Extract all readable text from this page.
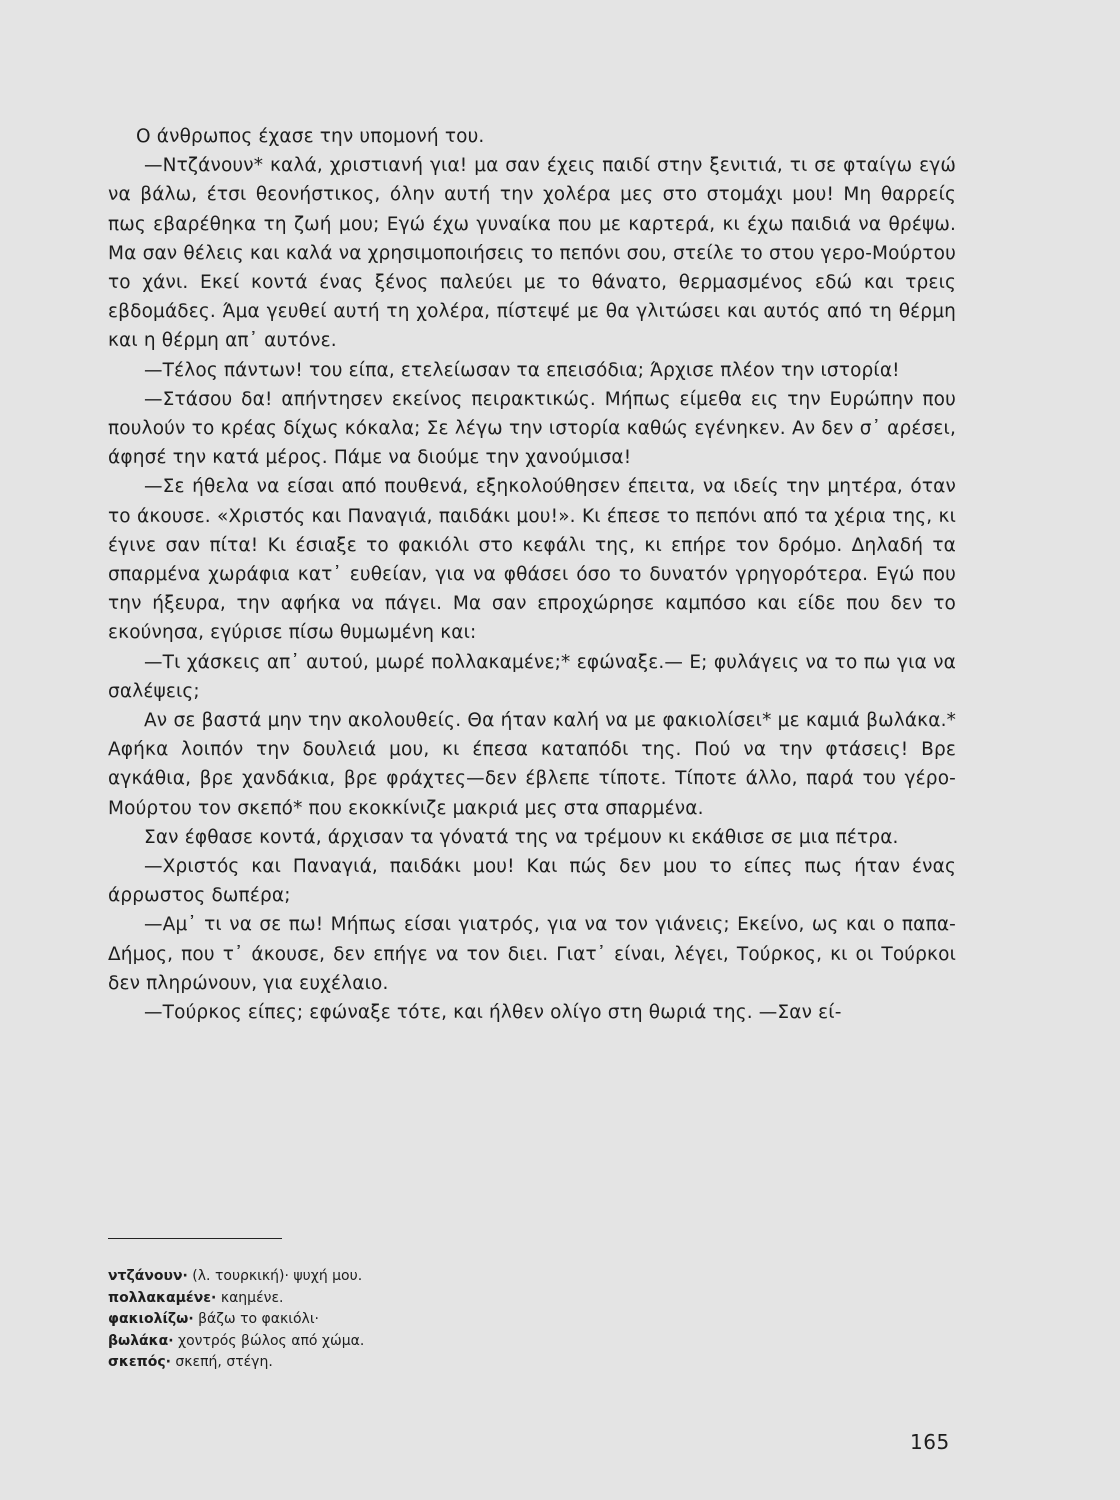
Ο άνθρωπος έχασε την υπομονή του.

—Ντζάνουν* καλά, χριστιανή για! μα σαν έχεις παιδί στην ξενιτιά, τι σε φταίγω εγώ να βάλω, έτσι θεονήστικος, όλην αυτή την χολέρα μες στο στομάχι μου! Μη θαρρείς πως εβαρέθηκα τη ζωή μου; Εγώ έχω γυναίκα που με καρτερά, κι έχω παιδιά να θρέψω. Μα σαν θέλεις και καλά να χρησιμοποιήσεις το πεπόνι σου, στείλε το στου γερο-Μούρτου το χάνι. Εκεί κοντά ένας ξένος παλεύει με το θάνατο, θερμασμένος εδώ και τρεις εβδομάδες. Άμα γευθεί αυτή τη χολέρα, πίστεψέ με θα γλιτώσει και αυτός από τη θέρμη και η θέρμη απ᾽ αυτόνε.

—Τέλος πάντων! του είπα, ετελείωσαν τα επεισόδια; Άρχισε πλέον την ιστορία!

—Στάσου δα! απήντησεν εκείνος πειρακτικώς. Μήπως είμεθα εις την Ευρώπην που πουλούν το κρέας δίχως κόκαλα; Σε λέγω την ιστορία καθώς εγένηκεν. Αν δεν σ᾽ αρέσει, άφησέ την κατά μέρος. Πάμε να διούμε την χανούμισα!

—Σε ήθελα να είσαι από πουθενά, εξηκολούθησεν έπειτα, να ιδείς την μητέρα, όταν το άκουσε. «Χριστός και Παναγιά, παιδάκι μου!». Κι έπεσε το πεπόνι από τα χέρια της, κι έγινε σαν πίτα! Κι έσιαξε το φακιόλι στο κεφάλι της, κι επήρε τον δρόμο. Δηλαδή τα σπαρμένα χωράφια κατ᾽ ευθείαν, για να φθάσει όσο το δυνατόν γρηγορότερα. Εγώ που την ήξευρα, την αφήκα να πάγει. Μα σαν επροχώρησε καμπόσο και είδε που δεν το εκούνησα, εγύρισε πίσω θυμωμένη και:

—Τι χάσκεις απ᾽ αυτού, μωρέ πολλακαμένε;* εφώναξε.— Ε; φυλάγεις να το πω για να σαλέψεις;

Αν σε βαστά μην την ακολουθείς. Θα ήταν καλή να με φακιολίσει* με καμιά βωλάκα.* Αφήκα λοιπόν την δουλειά μου, κι έπεσα καταπόδι της. Πού να την φτάσεις! Βρε αγκάθια, βρε χανδάκια, βρε φράχτες—δεν έβλεπε τίποτε. Τίποτε άλλο, παρά του γέρο-Μούρτου τον σκεπό* που εκοκκίνιζε μακριά μες στα σπαρμένα.

Σαν έφθασε κοντά, άρχισαν τα γόνατά της να τρέμουν κι εκάθισε σε μια πέτρα.

—Χριστός και Παναγιά, παιδάκι μου! Και πώς δεν μου το είπες πως ήταν ένας άρρωστος δωπέρα;

—Αμ᾽ τι να σε πω! Μήπως είσαι γιατρός, για να τον γιάνεις; Εκείνο, ως και ο παπα-Δήμος, που τ᾽ άκουσε, δεν επήγε να τον διει. Γιατ᾽ είναι, λέγει, Τούρκος, κι οι Τούρκοι δεν πληρώνουν, για ευχέλαιο.

—Τούρκος είπες; εφώναξε τότε, και ήλθεν ολίγο στη θωριά της. —Σαν εί-

ντζάνουν· (λ. τουρκική)· ψυχή μου.
πολλακαμένε· καημένε.
φακιολίζω· βάζω το φακιόλι·
βωλάκα· χοντρός βώλος από χώμα.
σκεπός· σκεπή, στέγη.
165
